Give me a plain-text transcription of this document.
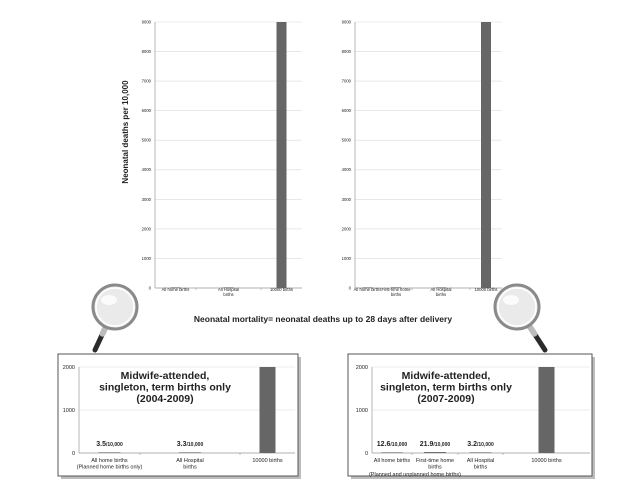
Neonatal deaths per 10,000
Neonatal mortality= neonatal deaths up to 28 days after delivery
0
1000
2000
3000
4000
5000
6000
7000
8000
9000
All home births	All Hospital
births
10000 births	0
1000
2000
3000
4000
5000
6000
7000
8000
9000
All home births First-time home
births
All Hospital
births
10000 births
0
1000
2000
All home births
(Planned home births only)
3.5/10,000
All Hospital
births
3.3/10,000
10000 births
Midwife-attended,
singleton, term births only
(2004-2009)
0
1000
2000
All home births
12.6/10,000
First-time home
births
21.9/10,000
All Hospital
births
3.2/10,000
10000 births
Midwife-attended,
singleton, term births only
(2007-2009)
(Planned and unplanned home births)
